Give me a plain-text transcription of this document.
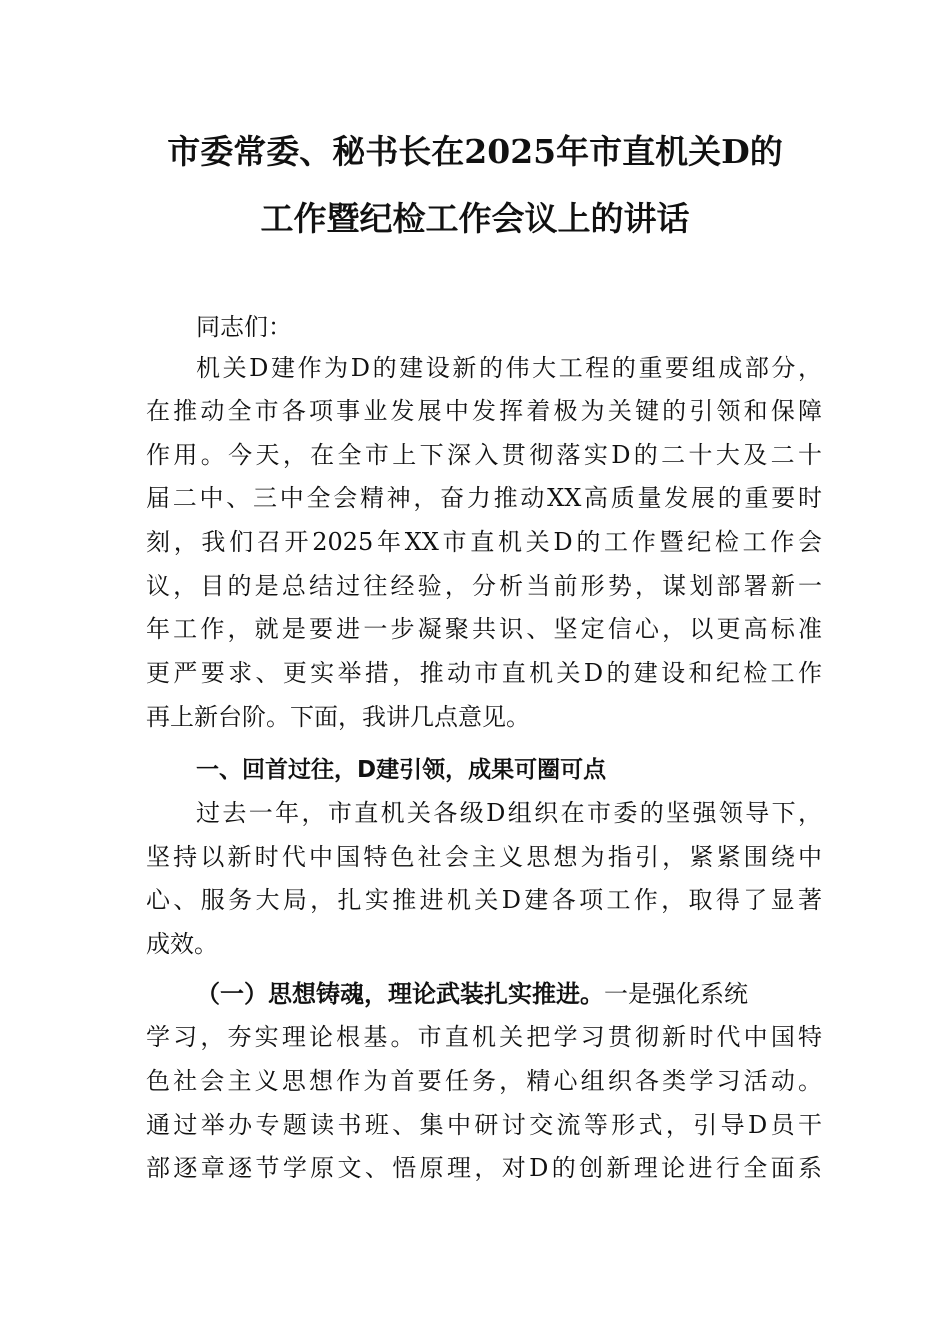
市委常委、秘书长在2025年市直机关D的
工作暨纪检工作会议上的讲话
同志们：
机关D建作为D的建设新的伟大工程的重要组成部分，
在推动全市各项事业发展中发挥着极为关键的引领和保障
作用。今天，在全市上下深入贯彻落实D的二十大及二十
届二中、三中全会精神，奋力推动XX高质量发展的重要时
刻，我们召开2025年XX市直机关D的工作暨纪检工作会
议，目的是总结过往经验，分析当前形势，谋划部署新一
年工作，就是要进一步凝聚共识、坚定信心，以更高标准
更严要求、更实举措，推动市直机关D的建设和纪检工作
再上新台阶。下面，我讲几点意见。
一、回首过往，D建引领，成果可圈可点
过去一年，市直机关各级D组织在市委的坚强领导下，
坚持以新时代中国特色社会主义思想为指引，紧紧围绕中
心、服务大局，扎实推进机关D建各项工作，取得了显著
成效。
（一）思想铸魂，理论武装扎实推进。一是强化系统
学习，夯实理论根基。市直机关把学习贯彻新时代中国特
色社会主义思想作为首要任务，精心组织各类学习活动。
通过举办专题读书班、集中研讨交流等形式，引导D员干
部逐章逐节学原文、悟原理，对D的创新理论进行全面系
